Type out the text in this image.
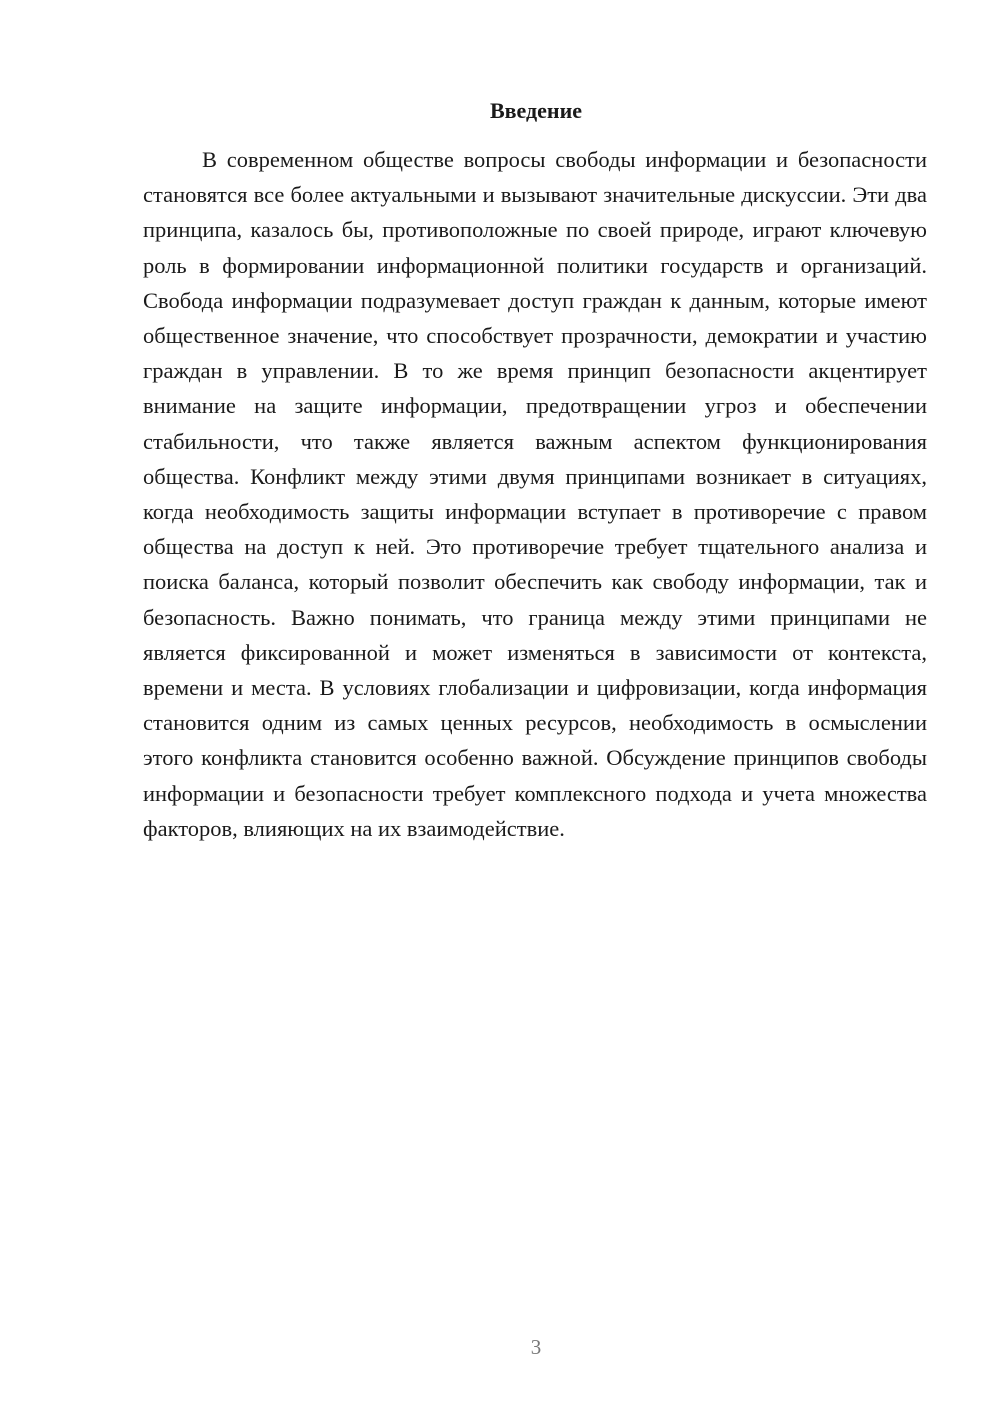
Введение

В современном обществе вопросы свободы информации и безопасности становятся все более актуальными и вызывают значительные дискуссии. Эти два принципа, казалось бы, противоположные по своей природе, играют ключевую роль в формировании информационной политики государств и организаций. Свобода информации подразумевает доступ граждан к данным, которые имеют общественное значение, что способствует прозрачности, демократии и участию граждан в управлении. В то же время принцип безопасности акцентирует внимание на защите информации, предотвращении угроз и обеспечении стабильности, что также является важным аспектом функционирования общества. Конфликт между этими двумя принципами возникает в ситуациях, когда необходимость защиты информации вступает в противоречие с правом общества на доступ к ней. Это противоречие требует тщательного анализа и поиска баланса, который позволит обеспечить как свободу информации, так и безопасность. Важно понимать, что граница между этими принципами не является фиксированной и может изменяться в зависимости от контекста, времени и места. В условиях глобализации и цифровизации, когда информация становится одним из самых ценных ресурсов, необходимость в осмыслении этого конфликта становится особенно важной. Обсуждение принципов свободы информации и безопасности требует комплексного подхода и учета множества факторов, влияющих на их взаимодействие.

3
